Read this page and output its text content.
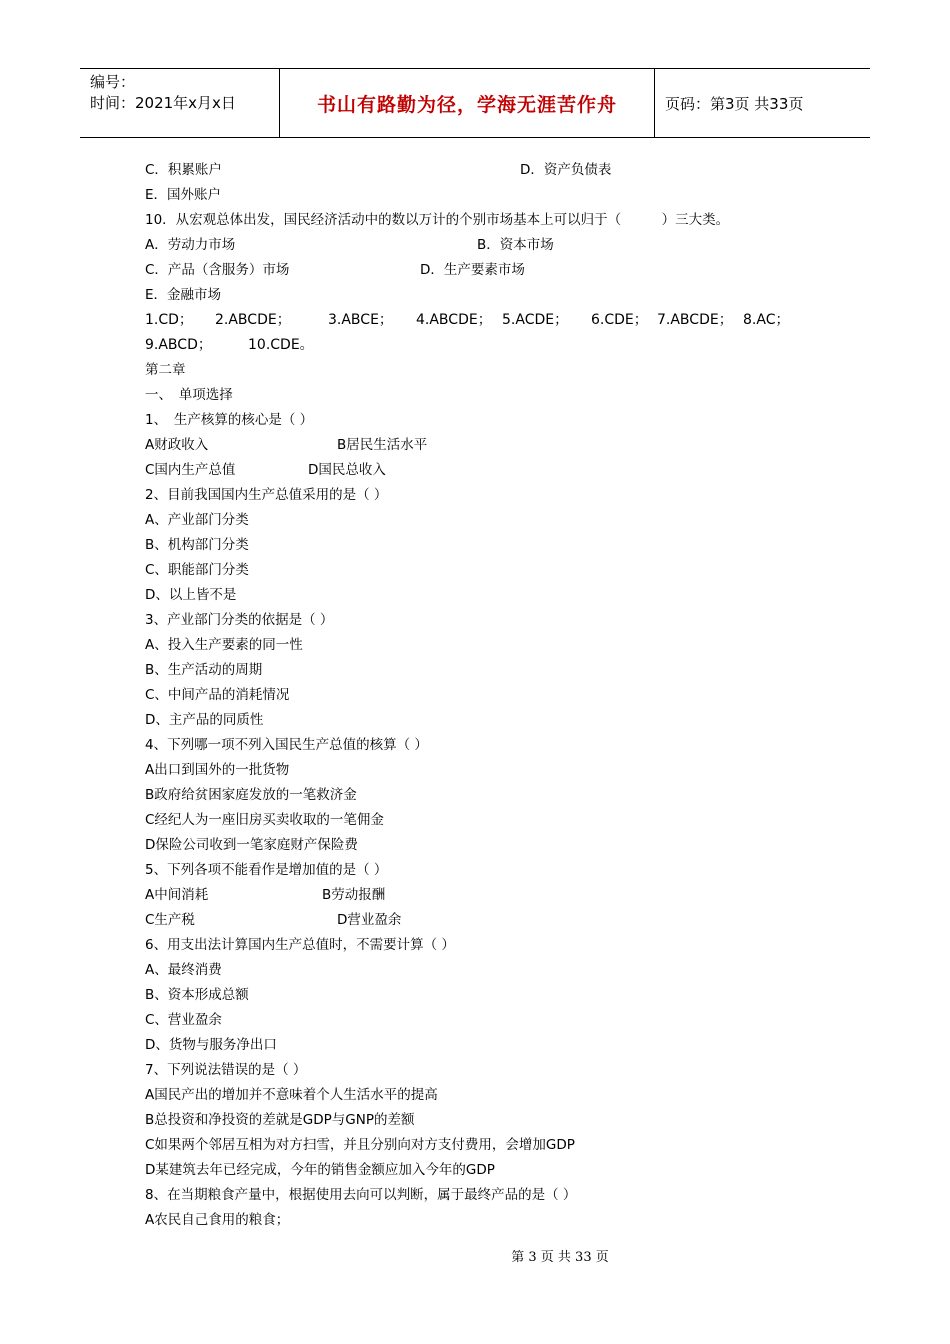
编号：
时间：2021年x月x日	书山有路勤为径，学海无涯苦作舟	页码：第3页 共33页
C．积累账户	D．资产负债表
E．国外账户
10．从宏观总体出发，国民经济活动中的数以万计的个别市场基本上可以归于（　　　）三大类。
A．劳动力市场	B．资本市场
C．产品（含服务）市场	D．生产要素市场
E．金融市场
1.CD； 2.ABCDE；	3.ABCE； 4.ABCDE； 5.ACDE； 6.CDE； 7.ABCDE； 8.AC；
9.ABCD；	10.CDE。
第二章
一、　单项选择
1、　生产核算的核心是（ ）
A财政收入	B居民生活水平
C国内生产总值	D国民总收入
2、目前我国国内生产总值采用的是（ ）
A、产业部门分类
B、机构部门分类
C、职能部门分类
D、以上皆不是
3、产业部门分类的依据是（ ）
A、投入生产要素的同一性
B、生产活动的周期
C、中间产品的消耗情况
D、主产品的同质性
4、下列哪一项不列入国民生产总值的核算（ ）
A出口到国外的一批货物
B政府给贫困家庭发放的一笔救济金
C经纪人为一座旧房买卖收取的一笔佣金
D保险公司收到一笔家庭财产保险费
5、下列各项不能看作是增加值的是（ ）
A中间消耗	B劳动报酬
C生产税	D营业盈余
6、用支出法计算国内生产总值时，不需要计算（ ）
A、最终消费
B、资本形成总额
C、营业盈余
D、货物与服务净出口
7、下列说法错误的是（ ）
A国民产出的增加并不意味着个人生活水平的提高
B总投资和净投资的差就是GDP与GNP的差额
C如果两个邻居互相为对方扫雪，并且分别向对方支付费用，会增加GDP
D某建筑去年已经完成，今年的销售金额应加入今年的GDP
8、在当期粮食产量中，根据使用去向可以判断，属于最终产品的是（ ）
A农民自己食用的粮食；
第 3 页 共 33 页
